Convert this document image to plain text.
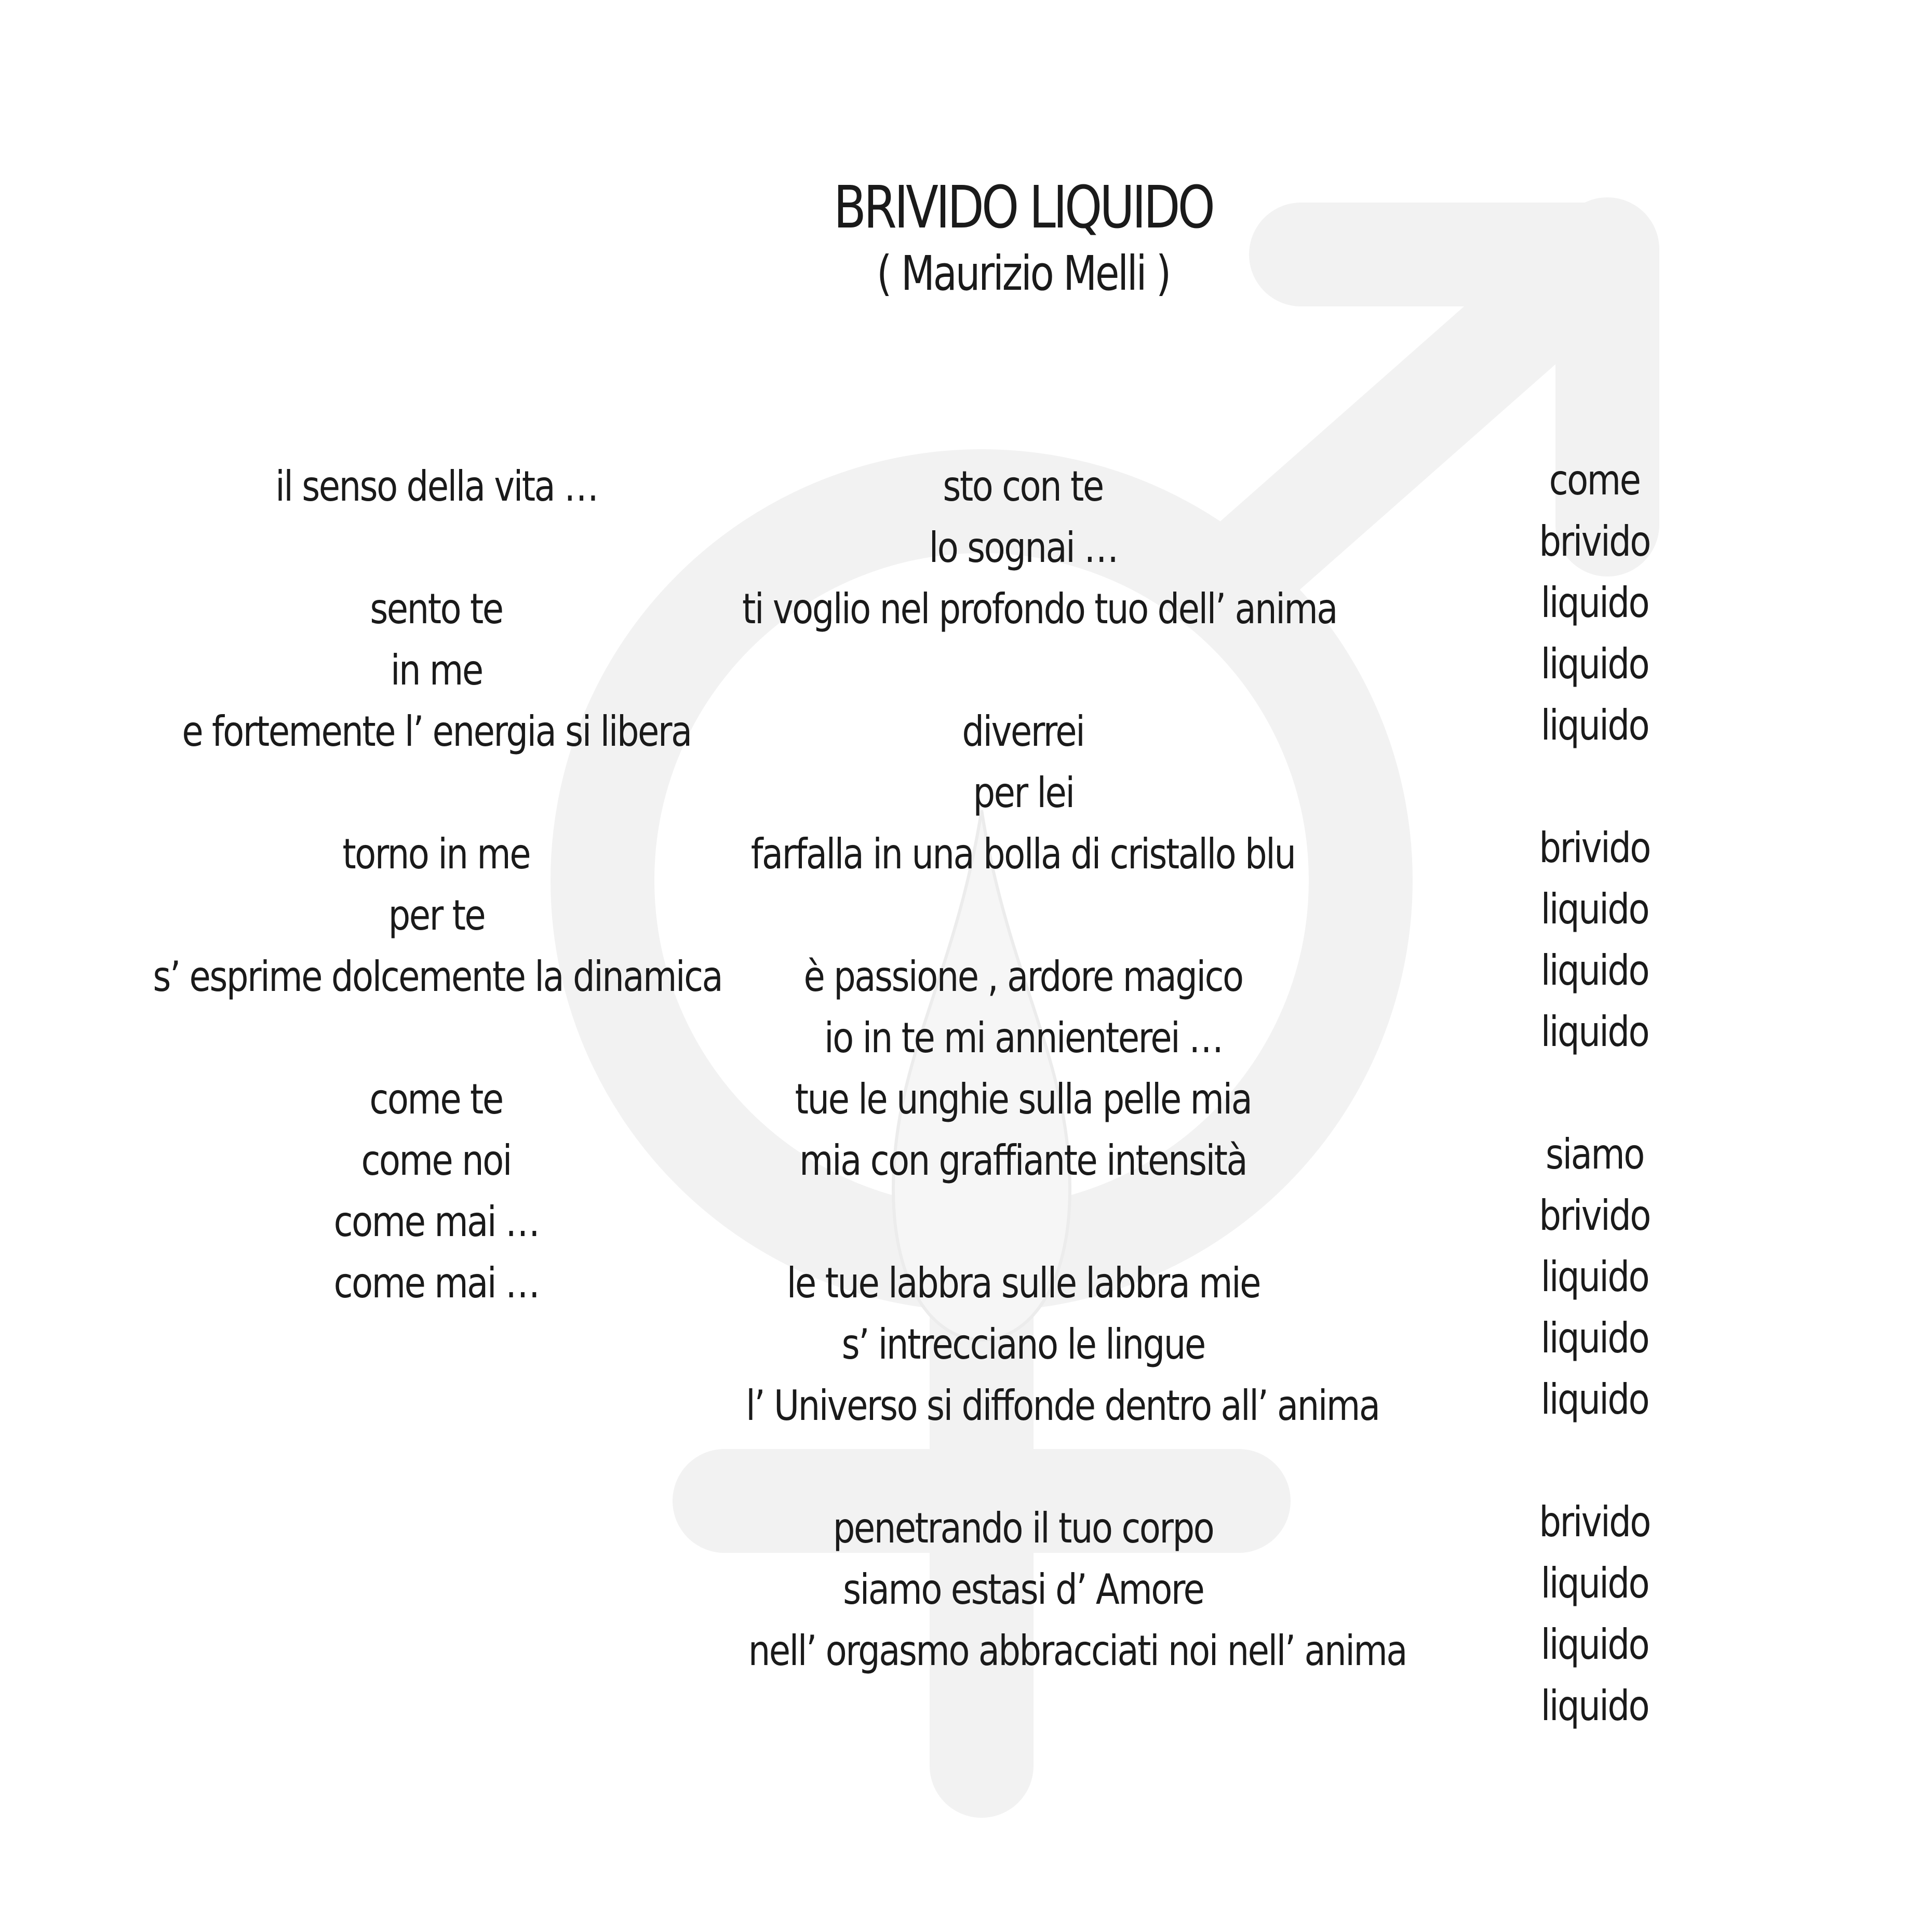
BRIVIDO LIQUIDO
( Maurizio Melli )
il senso della vita …
sento te
in me
e fortemente l’ energia si libera
torno in me
per te
s’ esprime dolcemente la dinamica
come te
come noi
come mai …
come mai …
sto con te
lo sognai …
ti voglio nel profondo tuo dell’ anima
diverrei
per lei
farfalla in una bolla di cristallo blu
è passione , ardore magico
io in te mi annienterei …
tue le unghie sulla pelle mia
mia con graffiante intensità
le tue labbra sulle labbra mie
s’ intrecciano le lingue
l’ Universo si diffonde dentro all’ anima
penetrando il tuo corpo
siamo estasi d’ Amore
nell’ orgasmo abbracciati noi nell’ anima
come
brivido
liquido
liquido
liquido
brivido
liquido
liquido
liquido
siamo
brivido
liquido
liquido
liquido
brivido
liquido
liquido
liquido
